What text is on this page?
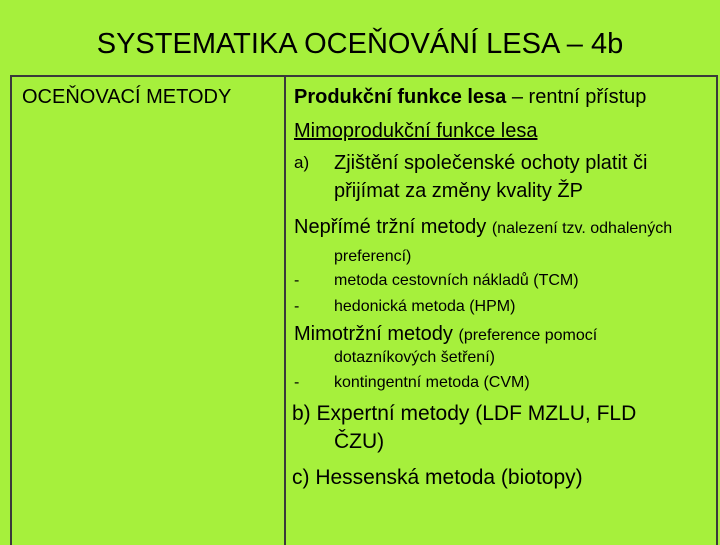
SYSTEMATIKA OCEŇOVÁNÍ LESA – 4b
OCEŇOVACÍ METODY	Produkční funkce lesa – rentní přístup
Mimoprodukční funkce lesa
a) Zjištění společenské ochoty platit či
přijímat za změny kvality ŽP
Nepřímé tržní metody (nalezení tzv. odhalených
preferencí)
- metoda cestovních nákladů (TCM)
- hedonická metoda (HPM)
Mimotržní metody (preference pomocí
dotazníkových šetření)
- kontingentní metoda (CVM)
b) Expertní metody (LDF MZLU, FLD
ČZU)
c) Hessenská metoda (biotopy)
